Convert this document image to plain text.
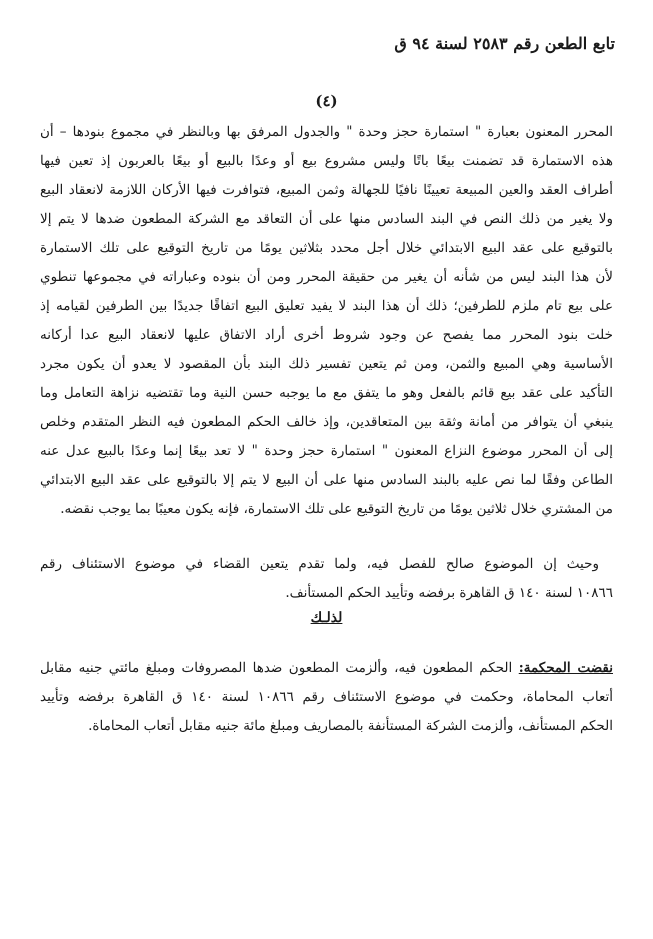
تابع الطعن رقم ٢٥٨٣ لسنة ٩٤ ق
(٤)
المحرر المعنون بعبارة " استمارة حجز وحدة " والجدول المرفق بها وبالنظر في مجموع بنودها – أن
هذه الاستمارة قد تضمنت بيعًا باتًا وليس مشروع بيع أو وعدًا بالبيع أو بيعًا بالعربون إذ تعين فيها
أطراف العقد والعين المبيعة تعيينًا نافيًا للجهالة وثمن المبيع، فتوافرت فيها الأركان اللازمة لانعقاد البيع
ولا يغير من ذلك النص في البند السادس منها على أن التعاقد مع الشركة المطعون ضدها لا يتم إلا
بالتوقيع على عقد البيع الابتدائي خلال أجل محدد بثلاثين يومًا من تاريخ التوقيع على تلك الاستمارة
لأن هذا البند ليس من شأنه أن يغير من حقيقة المحرر ومن أن بنوده وعباراته في مجموعها تنطوي
على بيع تام ملزم للطرفين؛ ذلك أن هذا البند لا يفيد تعليق البيع اتفاقًا جديدًا بين الطرفين لقيامه إذ
خلت بنود المحرر مما يفصح عن وجود شروط أخرى أراد الاتفاق عليها لانعقاد البيع عدا أركانه
الأساسية وهي المبيع والثمن، ومن ثم يتعين تفسير ذلك البند بأن المقصود لا يعدو أن يكون مجرد
التأكيد على عقد بيع قائم بالفعل وهو ما يتفق مع ما يوجبه حسن النية وما تقتضيه نزاهة التعامل وما
ينبغي أن يتوافر من أمانة وثقة بين المتعاقدين، وإذ خالف الحكم المطعون فيه النظر المتقدم وخلص
إلى أن المحرر موضوع النزاع المعنون " استمارة حجز وحدة " لا تعد بيعًا إنما وعدًا بالبيع عدل عنه
الطاعن وفقًا لما نص عليه بالبند السادس منها على أن البيع لا يتم إلا بالتوقيع على عقد البيع الابتدائي
من المشتري خلال ثلاثين يومًا من تاريخ التوقيع على تلك الاستمارة، فإنه يكون معيبًا بما يوجب نقضه.
وحيث إن الموضوع صالح للفصل فيه، ولما تقدم يتعين القضاء في موضوع الاستئناف رقم
١٠٨٦٦ لسنة ١٤٠ ق القاهرة برفضه وتأييد الحكم المستأنف.
لذلـك
نقضت المحكمة: الحكم المطعون فيه، وألزمت المطعون ضدها المصروفات ومبلغ مائتي جنيه مقابل
أتعاب المحاماة، وحكمت في موضوع الاستئناف رقم ١٠٨٦٦ لسنة ١٤٠ ق القاهرة برفضه وتأييد
الحكم المستأنف، وألزمت الشركة المستأنفة بالمصاريف ومبلغ مائة جنيه مقابل أتعاب المحاماة.
